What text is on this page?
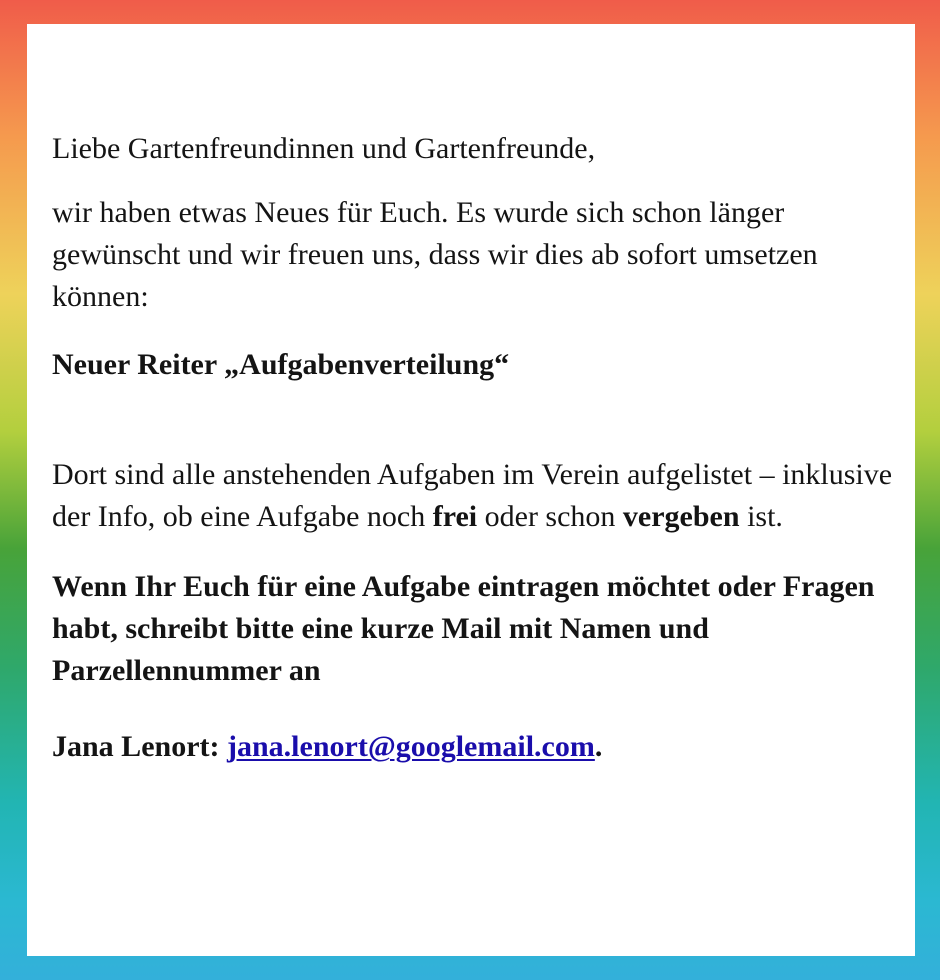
Liebe Gartenfreundinnen und Gartenfreunde,

wir haben etwas Neues für Euch. Es wurde sich schon länger gewünscht und wir freuen uns, dass wir dies ab sofort umsetzen können:

Neuer Reiter „Aufgabenverteilung“

Dort sind alle anstehenden Aufgaben im Verein aufgelistet – inklusive der Info, ob eine Aufgabe noch frei oder schon vergeben ist.

Wenn Ihr Euch für eine Aufgabe eintragen möchtet oder Fragen habt, schreibt bitte eine kurze Mail mit Namen und Parzellennummer an

Jana Lenort: jana.lenort@googlemail.com.
